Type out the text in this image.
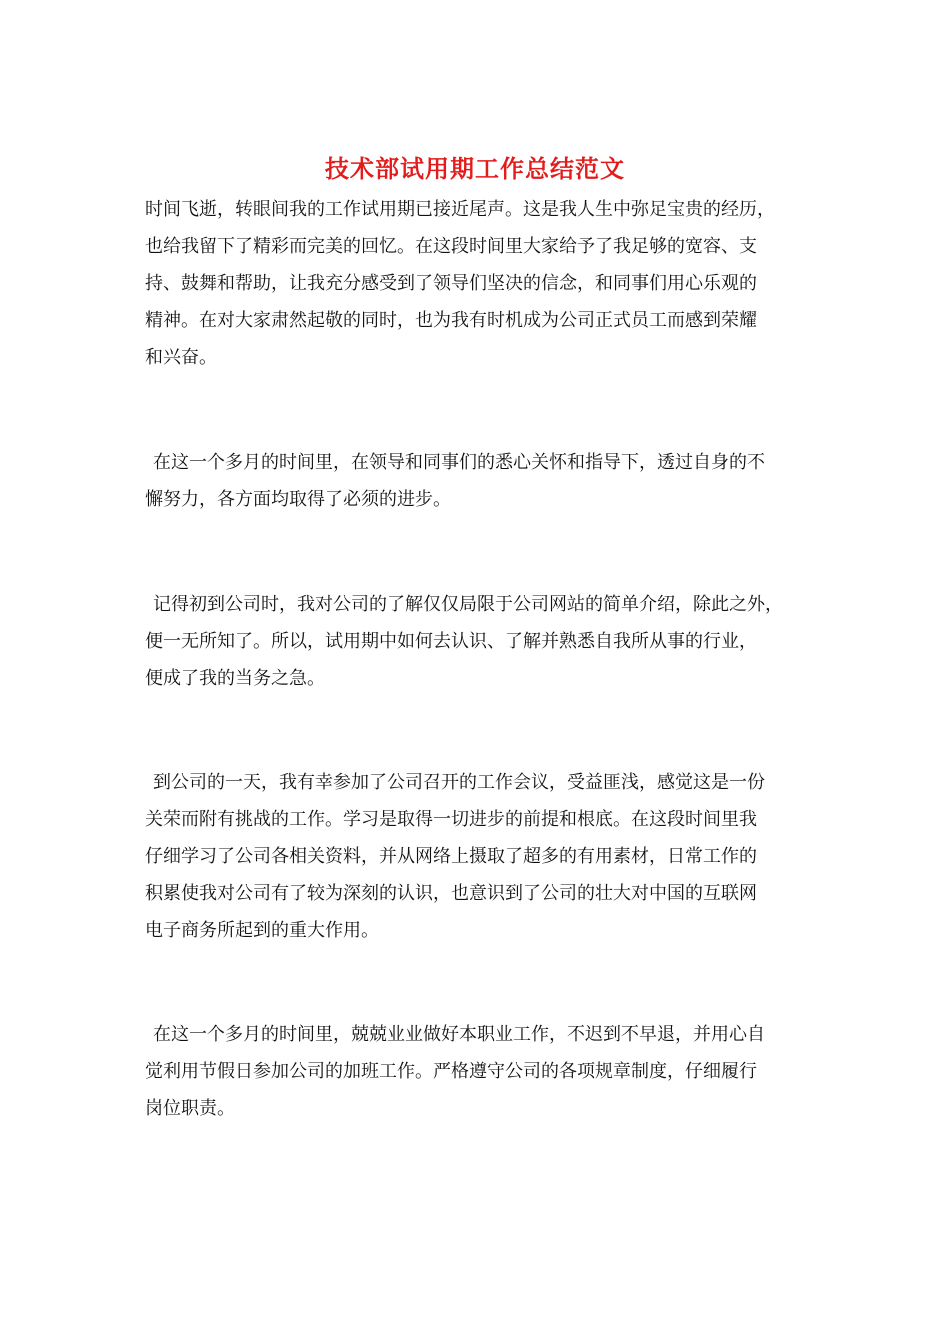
技术部试用期工作总结范文
时间飞逝，转眼间我的工作试用期已接近尾声。这是我人生中弥足宝贵的经历，
也给我留下了精彩而完美的回忆。在这段时间里大家给予了我足够的宽容、支
持、鼓舞和帮助，让我充分感受到了领导们坚决的信念，和同事们用心乐观的
精神。在对大家肃然起敬的同时，也为我有时机成为公司正式员工而感到荣耀
和兴奋。
在这一个多月的时间里，在领导和同事们的悉心关怀和指导下，透过自身的不
懈努力，各方面均取得了必须的进步。
记得初到公司时，我对公司的了解仅仅局限于公司网站的简单介绍，除此之外，
便一无所知了。所以，试用期中如何去认识、了解并熟悉自我所从事的行业，
便成了我的当务之急。
到公司的一天，我有幸参加了公司召开的工作会议，受益匪浅，感觉这是一份
关荣而附有挑战的工作。学习是取得一切进步的前提和根底。在这段时间里我
仔细学习了公司各相关资料，并从网络上摄取了超多的有用素材，日常工作的
积累使我对公司有了较为深刻的认识，也意识到了公司的壮大对中国的互联网
电子商务所起到的重大作用。
在这一个多月的时间里，兢兢业业做好本职业工作，不迟到不早退，并用心自
觉利用节假日参加公司的加班工作。严格遵守公司的各项规章制度，仔细履行
岗位职责。
